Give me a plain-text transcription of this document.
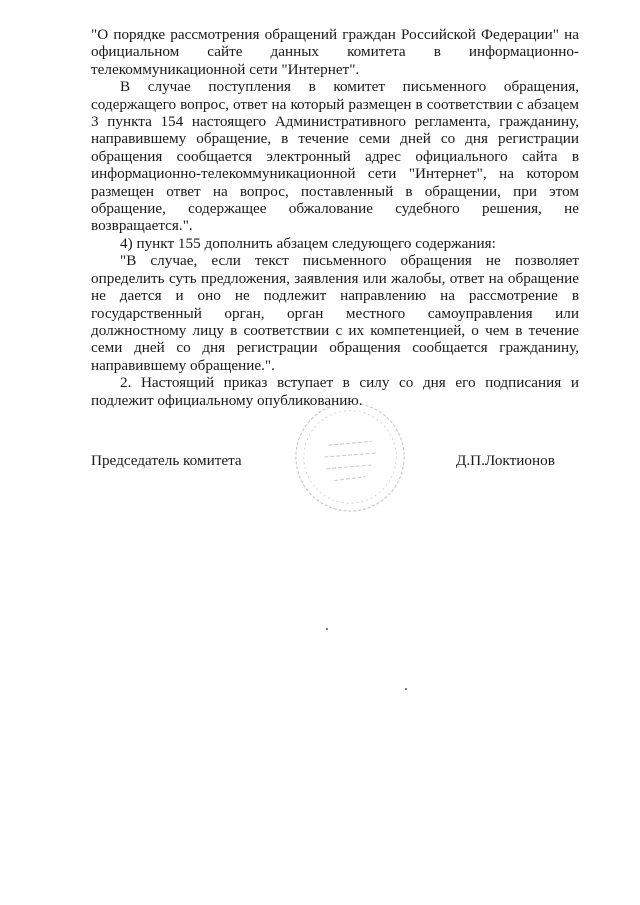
"О порядке рассмотрения обращений граждан Российской Федерации" на официальном сайте данных комитета в информационно-телекоммуникационной сети "Интернет".

В случае поступления в комитет письменного обращения, содержащего вопрос, ответ на который размещен в соответствии с абзацем 3 пункта 154 настоящего Административного регламента, гражданину, направившему обращение, в течение семи дней со дня регистрации обращения сообщается электронный адрес официального сайта в информационно-телекоммуникационной сети "Интернет", на котором размещен ответ на вопрос, поставленный в обращении, при этом обращение, содержащее обжалование судебного решения, не возвращается.".

4) пункт 155 дополнить абзацем следующего содержания:

"В случае, если текст письменного обращения не позволяет определить суть предложения, заявления или жалобы, ответ на обращение не дается и оно не подлежит направлению на рассмотрение в государственный орган, орган местного самоуправления или должностному лицу в соответствии с их компетенцией, о чем в течение семи дней со дня регистрации обращения сообщается гражданину, направившему обращение.".

2. Настоящий приказ вступает в силу со дня его подписания и подлежит официальному опубликованию.

Председатель комитета	Д.П.Локтионов
